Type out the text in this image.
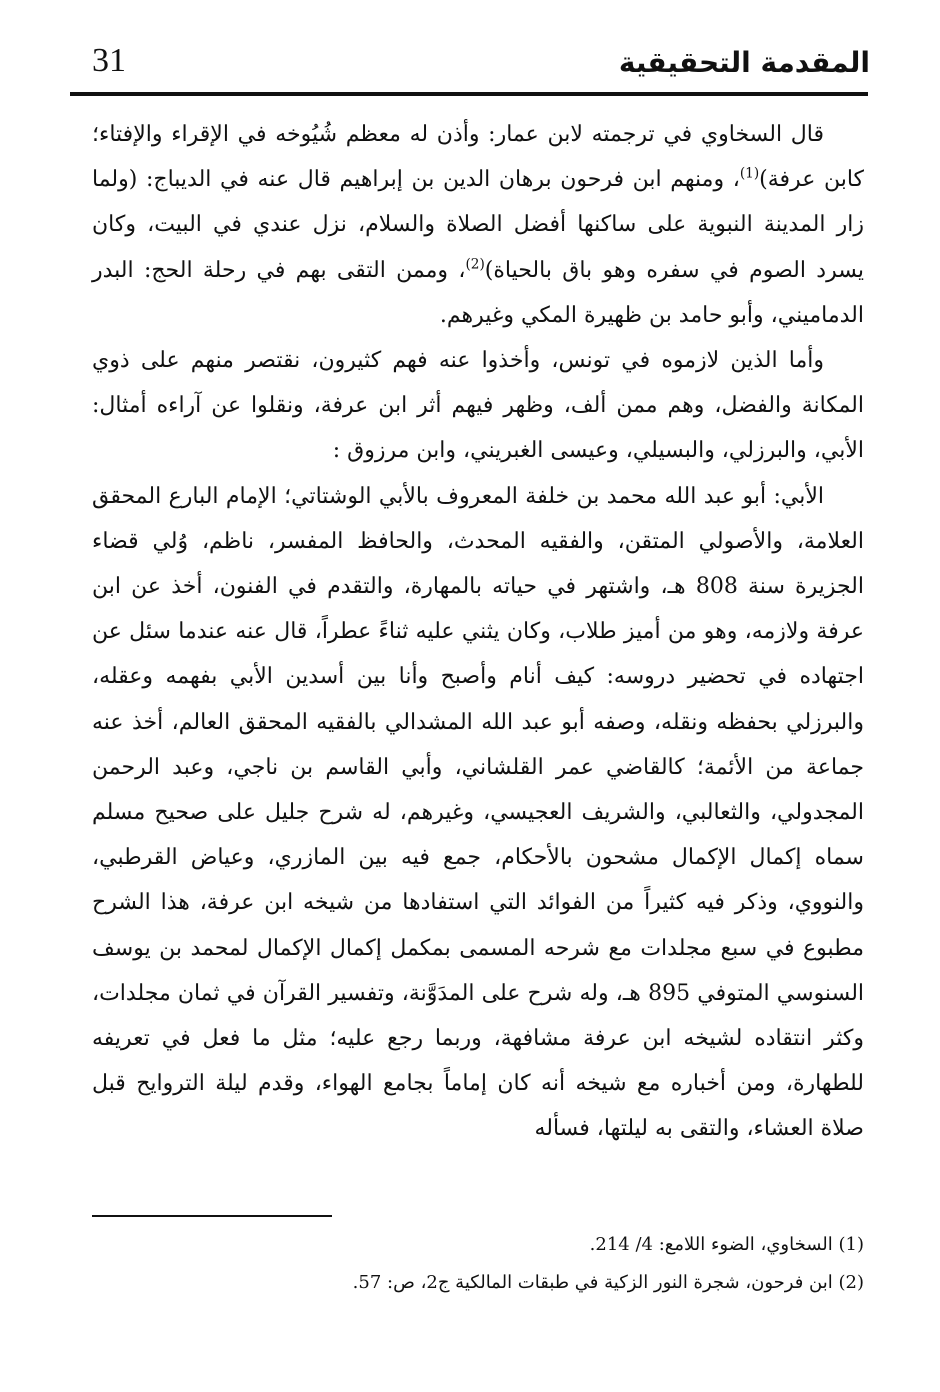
المقدمة التحقيقية
31

قال السخاوي في ترجمته لابن عمار: وأذن له معظم شُيُوخه في الإقراء والإفتاء؛ كابن عرفة)$^{(1)}$، ومنهم ابن فرحون برهان الدين بن إبراهيم قال عنه في الديباج: (ولما زار المدينة النبوية على ساكنها أفضل الصلاة والسلام، نزل عندي في البيت، وكان يسرد الصوم في سفره وهو باق بالحياة)$^{(2)}$، وممن التقى بهم في رحلة الحج: البدر الدماميني، وأبو حامد بن ظهيرة المكي وغيرهم.

وأما الذين لازموه في تونس، وأخذوا عنه فهم كثيرون، نقتصر منهم على ذوي المكانة والفضل، وهم ممن ألف، وظهر فيهم أثر ابن عرفة، ونقلوا عن آراءه أمثال: الأبي، والبرزلي، والبسيلي، وعيسى الغبريني، وابن مرزوق :

الأبي: أبو عبد الله محمد بن خلفة المعروف بالأبي الوشتاتي؛ الإمام البارع المحقق العلامة، والأصولي المتقن، والفقيه المحدث، والحافظ المفسر، ناظم، وُلي قضاء الجزيرة سنة 808 هـ، واشتهر في حياته بالمهارة، والتقدم في الفنون، أخذ عن ابن عرفة ولازمه، وهو من أميز طلاب، وكان يثني عليه ثناءً عطراً، قال عنه عندما سئل عن اجتهاده في تحضير دروسه: كيف أنام وأصبح وأنا بين أسدين الأبي بفهمه وعقله، والبرزلي بحفظه ونقله، وصفه أبو عبد الله المشدالي بالفقيه المحقق العالم، أخذ عنه جماعة من الأئمة؛ كالقاضي عمر القلشاني، وأبي القاسم بن ناجي، وعبد الرحمن المجدولي، والثعالبي، والشريف العجيسي، وغيرهم، له شرح جليل على صحيح مسلم سماه إكمال الإكمال مشحون بالأحكام، جمع فيه بين المازري، وعياض القرطبي، والنووي، وذكر فيه كثيراً من الفوائد التي استفادها من شيخه ابن عرفة، هذا الشرح مطبوع في سبع مجلدات مع شرحه المسمى بمكمل إكمال الإكمال لمحمد بن يوسف السنوسي المتوفي 895 هـ، وله شرح على المدَوَّنة، وتفسير القرآن في ثمان مجلدات، وكثر انتقاده لشيخه ابن عرفة مشافهة، وربما رجع عليه؛ مثل ما فعل في تعريفه للطهارة، ومن أخباره مع شيخه أنه كان إماماً بجامع الهواء، وقدم ليلة التروايح قبل صلاة العشاء، والتقى به ليلتها، فسأله

(1) السخاوي، الضوء اللامع: 4/ 214.

(2) ابن فرحون، شجرة النور الزكية في طبقات المالكية ج2، ص: 57.
